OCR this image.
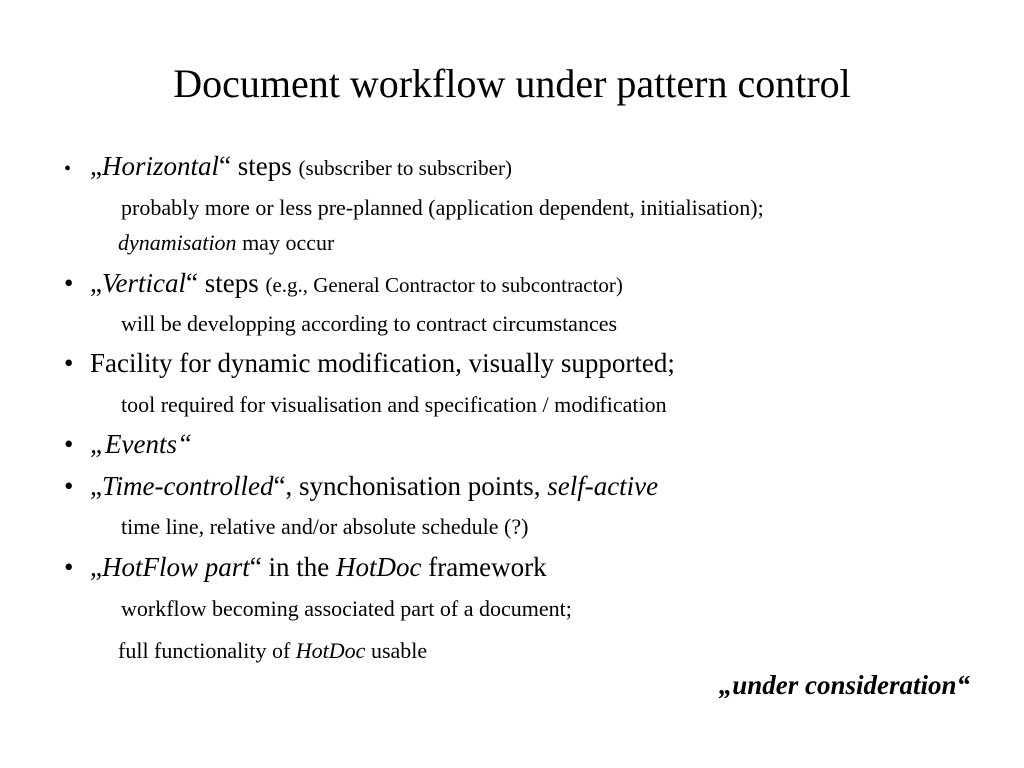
Document workflow under pattern control
• „Horizontal“ steps (subscriber to subscriber)
probably more or less pre-planned (application dependent, initialisation);
dynamisation may occur
• „Vertical“ steps (e.g., General Contractor to subcontractor)
will be developping according to contract circumstances
• Facility for dynamic modification, visually supported;
tool required for visualisation and specification / modification
• „Events“
• „Time-controlled“, synchonisation points, self-active
time line, relative and/or absolute schedule (?)
• „HotFlow part“ in the HotDoc framework
workflow becoming associated part of a document;
full functionality of HotDoc usable
„under consideration“
